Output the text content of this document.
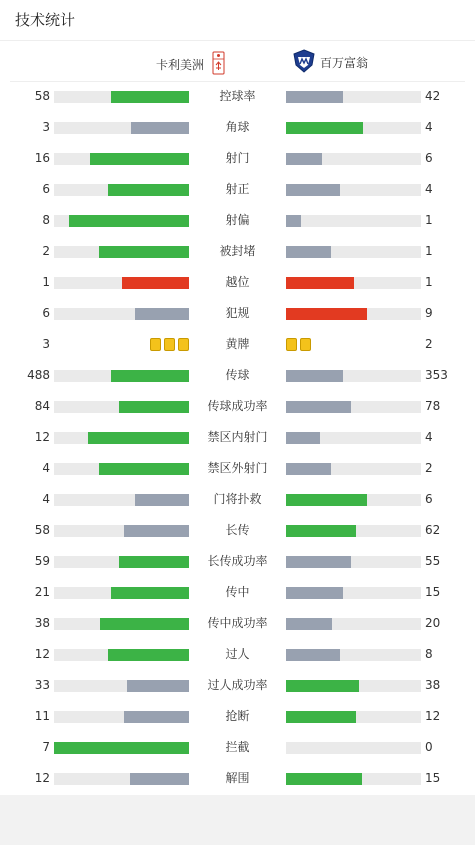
技术统计
卡利美洲	百万富翁
58	控球率	42
3	角球	4
16	射门	6
6	射正	4
8	射偏	1
2	被封堵	1
1	越位	1
6	犯规	9
3	黄牌	2
488	传球	353
84	传球成功率	78
12	禁区内射门	4
4	禁区外射门	2
4	门将扑救	6
58	长传	62
59	长传成功率	55
21	传中	15
38	传中成功率	20
12	过人	8
33	过人成功率	38
11	抢断	12
7	拦截	0
12	解围	15
